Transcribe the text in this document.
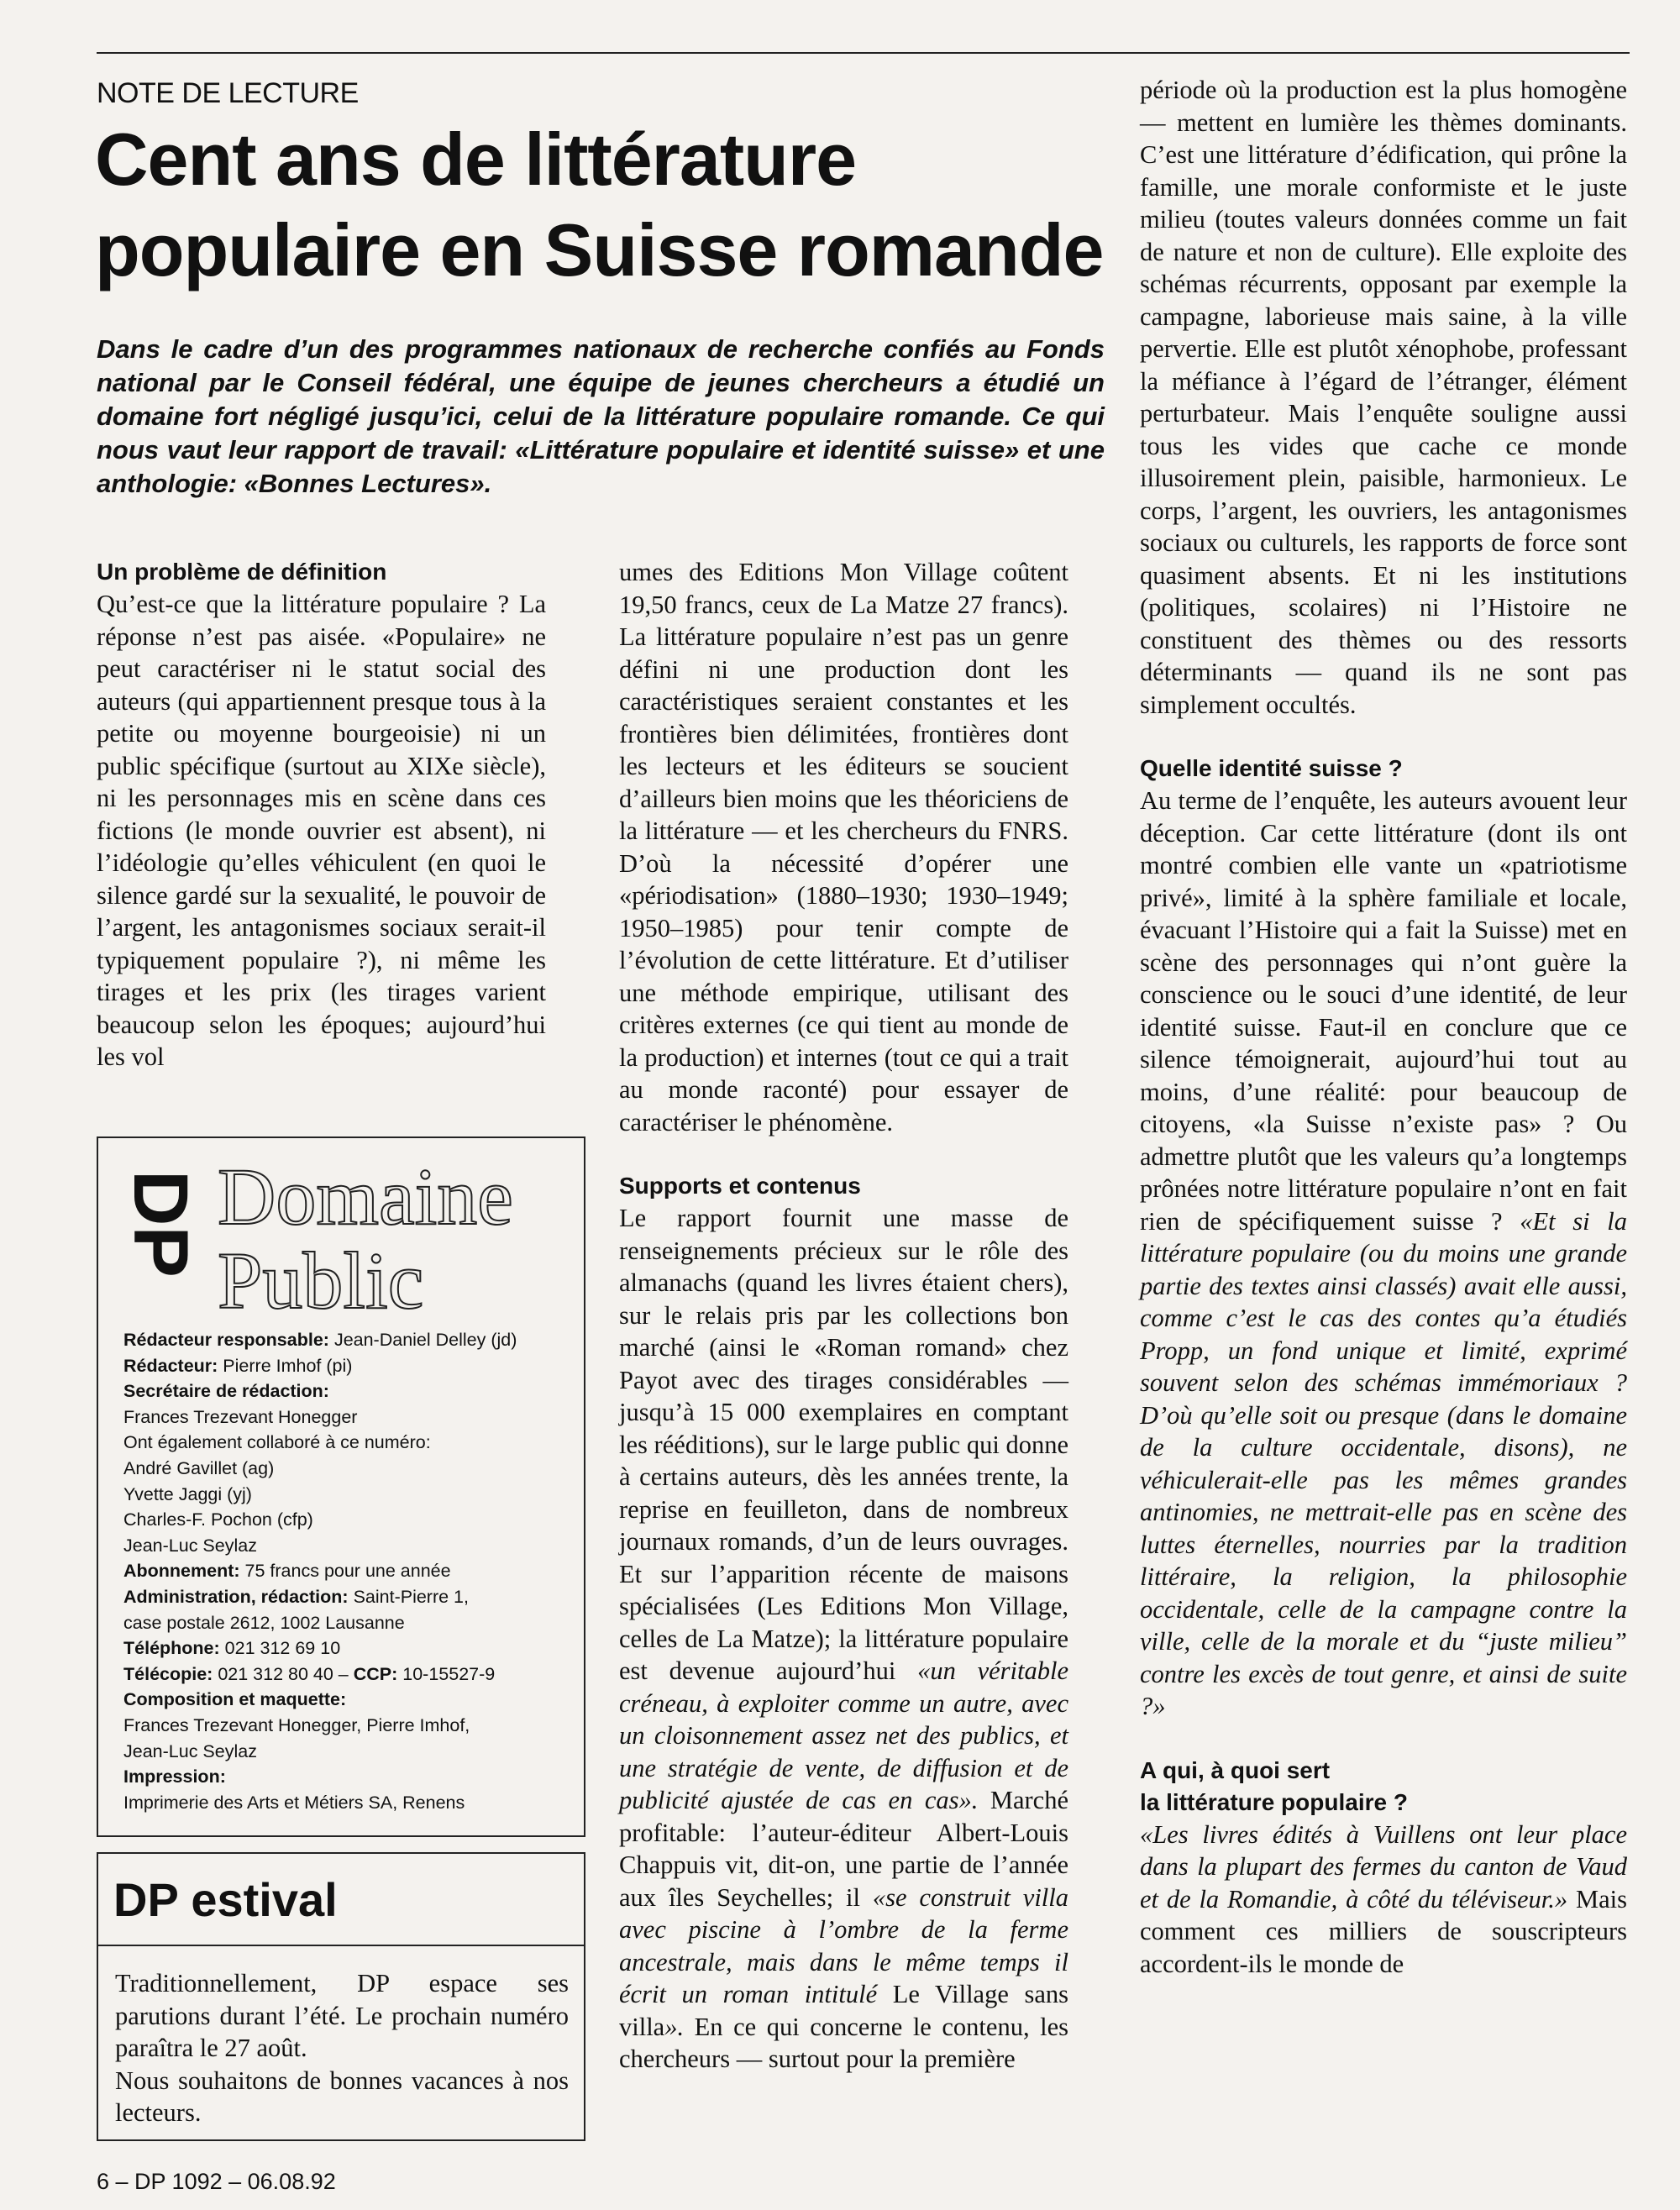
NOTE DE LECTURE
Cent ans de littérature
populaire en Suisse romande
Dans le cadre d’un des programmes nationaux de recherche confiés au Fonds national par le Conseil fédéral, une équipe de jeunes chercheurs a étudié un domaine fort négligé jusqu’ici, celui de la littérature populaire romande. Ce qui nous vaut leur rapport de travail: «Littérature populaire et identité suisse» et une anthologie: «Bonnes Lectures».

Un problème de définition

Qu’est-ce que la littérature populaire ? La réponse n’est pas aisée. «Populaire» ne peut caractériser ni le statut social des auteurs (qui appartiennent presque tous à la petite ou moyenne bourgeoisie) ni un public spécifique (surtout au XIXe siècle), ni les personnages mis en scène dans ces fictions (le monde ouvrier est absent), ni l’idéologie qu’elles véhiculent (en quoi le silence gardé sur la sexualité, le pouvoir de l’argent, les antagonismes sociaux serait-il typiquement populaire ?), ni même les tirages et les prix (les tirages varient beaucoup selon les époques; aujourd’hui les vol

umes des Editions Mon Village coûtent 19,50 francs, ceux de La Matze 27 francs). La littérature populaire n’est pas un genre défini ni une production dont les caractéristiques seraient constantes et les frontières bien délimitées, frontières dont les lecteurs et les éditeurs se soucient d’ailleurs bien moins que les théoriciens de la littérature — et les chercheurs du FNRS. D’où la nécessité d’opérer une «périodisation» (1880–1930; 1930–1949; 1950–1985) pour tenir compte de l’évolution de cette littérature. Et d’utiliser une méthode empirique, utilisant des critères externes (ce qui tient au monde de la production) et internes (tout ce qui a trait au monde raconté) pour essayer de caractériser le phénomène.

Supports et contenus

Le rapport fournit une masse de renseignements précieux sur le rôle des almanachs (quand les livres étaient chers), sur le relais pris par les collections bon marché (ainsi le «Roman romand» chez Payot avec des tirages considérables — jusqu’à 15 000 exemplaires en comptant les rééditions), sur le large public qui donne à certains auteurs, dès les années trente, la reprise en feuilleton, dans de nombreux journaux romands, d’un de leurs ouvrages. Et sur l’apparition récente de maisons spécialisées (Les Editions Mon Village, celles de La Matze); la littérature populaire est devenue aujourd’hui «un véritable créneau, à exploiter comme un autre, avec un cloisonnement assez net des publics, et une stratégie de vente, de diffusion et de publicité ajustée de cas en cas». Marché profitable: l’auteur-éditeur Albert-Louis Chappuis vit, dit-on, une partie de l’année aux îles Seychelles; il «se construit villa avec piscine à l’ombre de la ferme ancestrale, mais dans le même temps il écrit un roman intitulé Le Village sans villa». En ce qui concerne le contenu, les chercheurs — surtout pour la première

période où la production est la plus homogène — mettent en lumière les thèmes dominants. C’est une littérature d’édification, qui prône la famille, une morale conformiste et le juste milieu (toutes valeurs données comme un fait de nature et non de culture). Elle exploite des schémas récurrents, opposant par exemple la campagne, laborieuse mais saine, à la ville pervertie. Elle est plutôt xénophobe, professant la méfiance à l’égard de l’étranger, élément perturbateur. Mais l’enquête souligne aussi tous les vides que cache ce monde illusoirement plein, paisible, harmonieux. Le corps, l’argent, les ouvriers, les antagonismes sociaux ou culturels, les rapports de force sont quasiment absents. Et ni les institutions (politiques, scolaires) ni l’Histoire ne constituent des thèmes ou des ressorts déterminants — quand ils ne sont pas simplement occultés.

Quelle identité suisse ?

Au terme de l’enquête, les auteurs avouent leur déception. Car cette littérature (dont ils ont montré combien elle vante un «patriotisme privé», limité à la sphère familiale et locale, évacuant l’Histoire qui a fait la Suisse) met en scène des personnages qui n’ont guère la conscience ou le souci d’une identité, de leur identité suisse. Faut-il en conclure que ce silence témoignerait, aujourd’hui tout au moins, d’une réalité: pour beaucoup de citoyens, «la Suisse n’existe pas» ? Ou admettre plutôt que les valeurs qu’a longtemps prônées notre littérature populaire n’ont en fait rien de spécifiquement suisse ? «Et si la littérature populaire (ou du moins une grande partie des textes ainsi classés) avait elle aussi, comme c’est le cas des contes qu’a étudiés Propp, un fond unique et limité, exprimé souvent selon des schémas immémoriaux ? D’où qu’elle soit ou presque (dans le domaine de la culture occidentale, disons), ne véhiculerait-elle pas les mêmes grandes antinomies, ne mettrait-elle pas en scène des luttes éternelles, nourries par la tradition littéraire, la religion, la philosophie occidentale, celle de la campagne contre la ville, celle de la morale et du “juste milieu” contre les excès de tout genre, et ainsi de suite ?»

A qui, à quoi sert
la littérature populaire ?

«Les livres édités à Vuillens ont leur place dans la plupart des fermes du canton de Vaud et de la Romandie, à côté du téléviseur.» Mais comment ces milliers de souscripteurs accordent-ils le monde de

DP Domaine
Public
Rédacteur responsable: Jean-Daniel Delley (jd)
Rédacteur: Pierre Imhof (pi)
Secrétaire de rédaction:
Frances Trezevant Honegger
Ont également collaboré à ce numéro:
André Gavillet (ag)
Yvette Jaggi (yj)
Charles-F. Pochon (cfp)
Jean-Luc Seylaz
Abonnement: 75 francs pour une année
Administration, rédaction: Saint-Pierre 1,
case postale 2612, 1002 Lausanne
Téléphone: 021 312 69 10
Télécopie: 021 312 80 40 – CCP: 10-15527-9
Composition et maquette:
Frances Trezevant Honegger, Pierre Imhof,
Jean-Luc Seylaz
Impression:
Imprimerie des Arts et Métiers SA, Renens
DP estival

Traditionnellement, DP espace ses parutions durant l’été. Le prochain numéro paraîtra le 27 août.

Nous souhaitons de bonnes vacances à nos lecteurs.

6 – DP 1092 – 06.08.92
